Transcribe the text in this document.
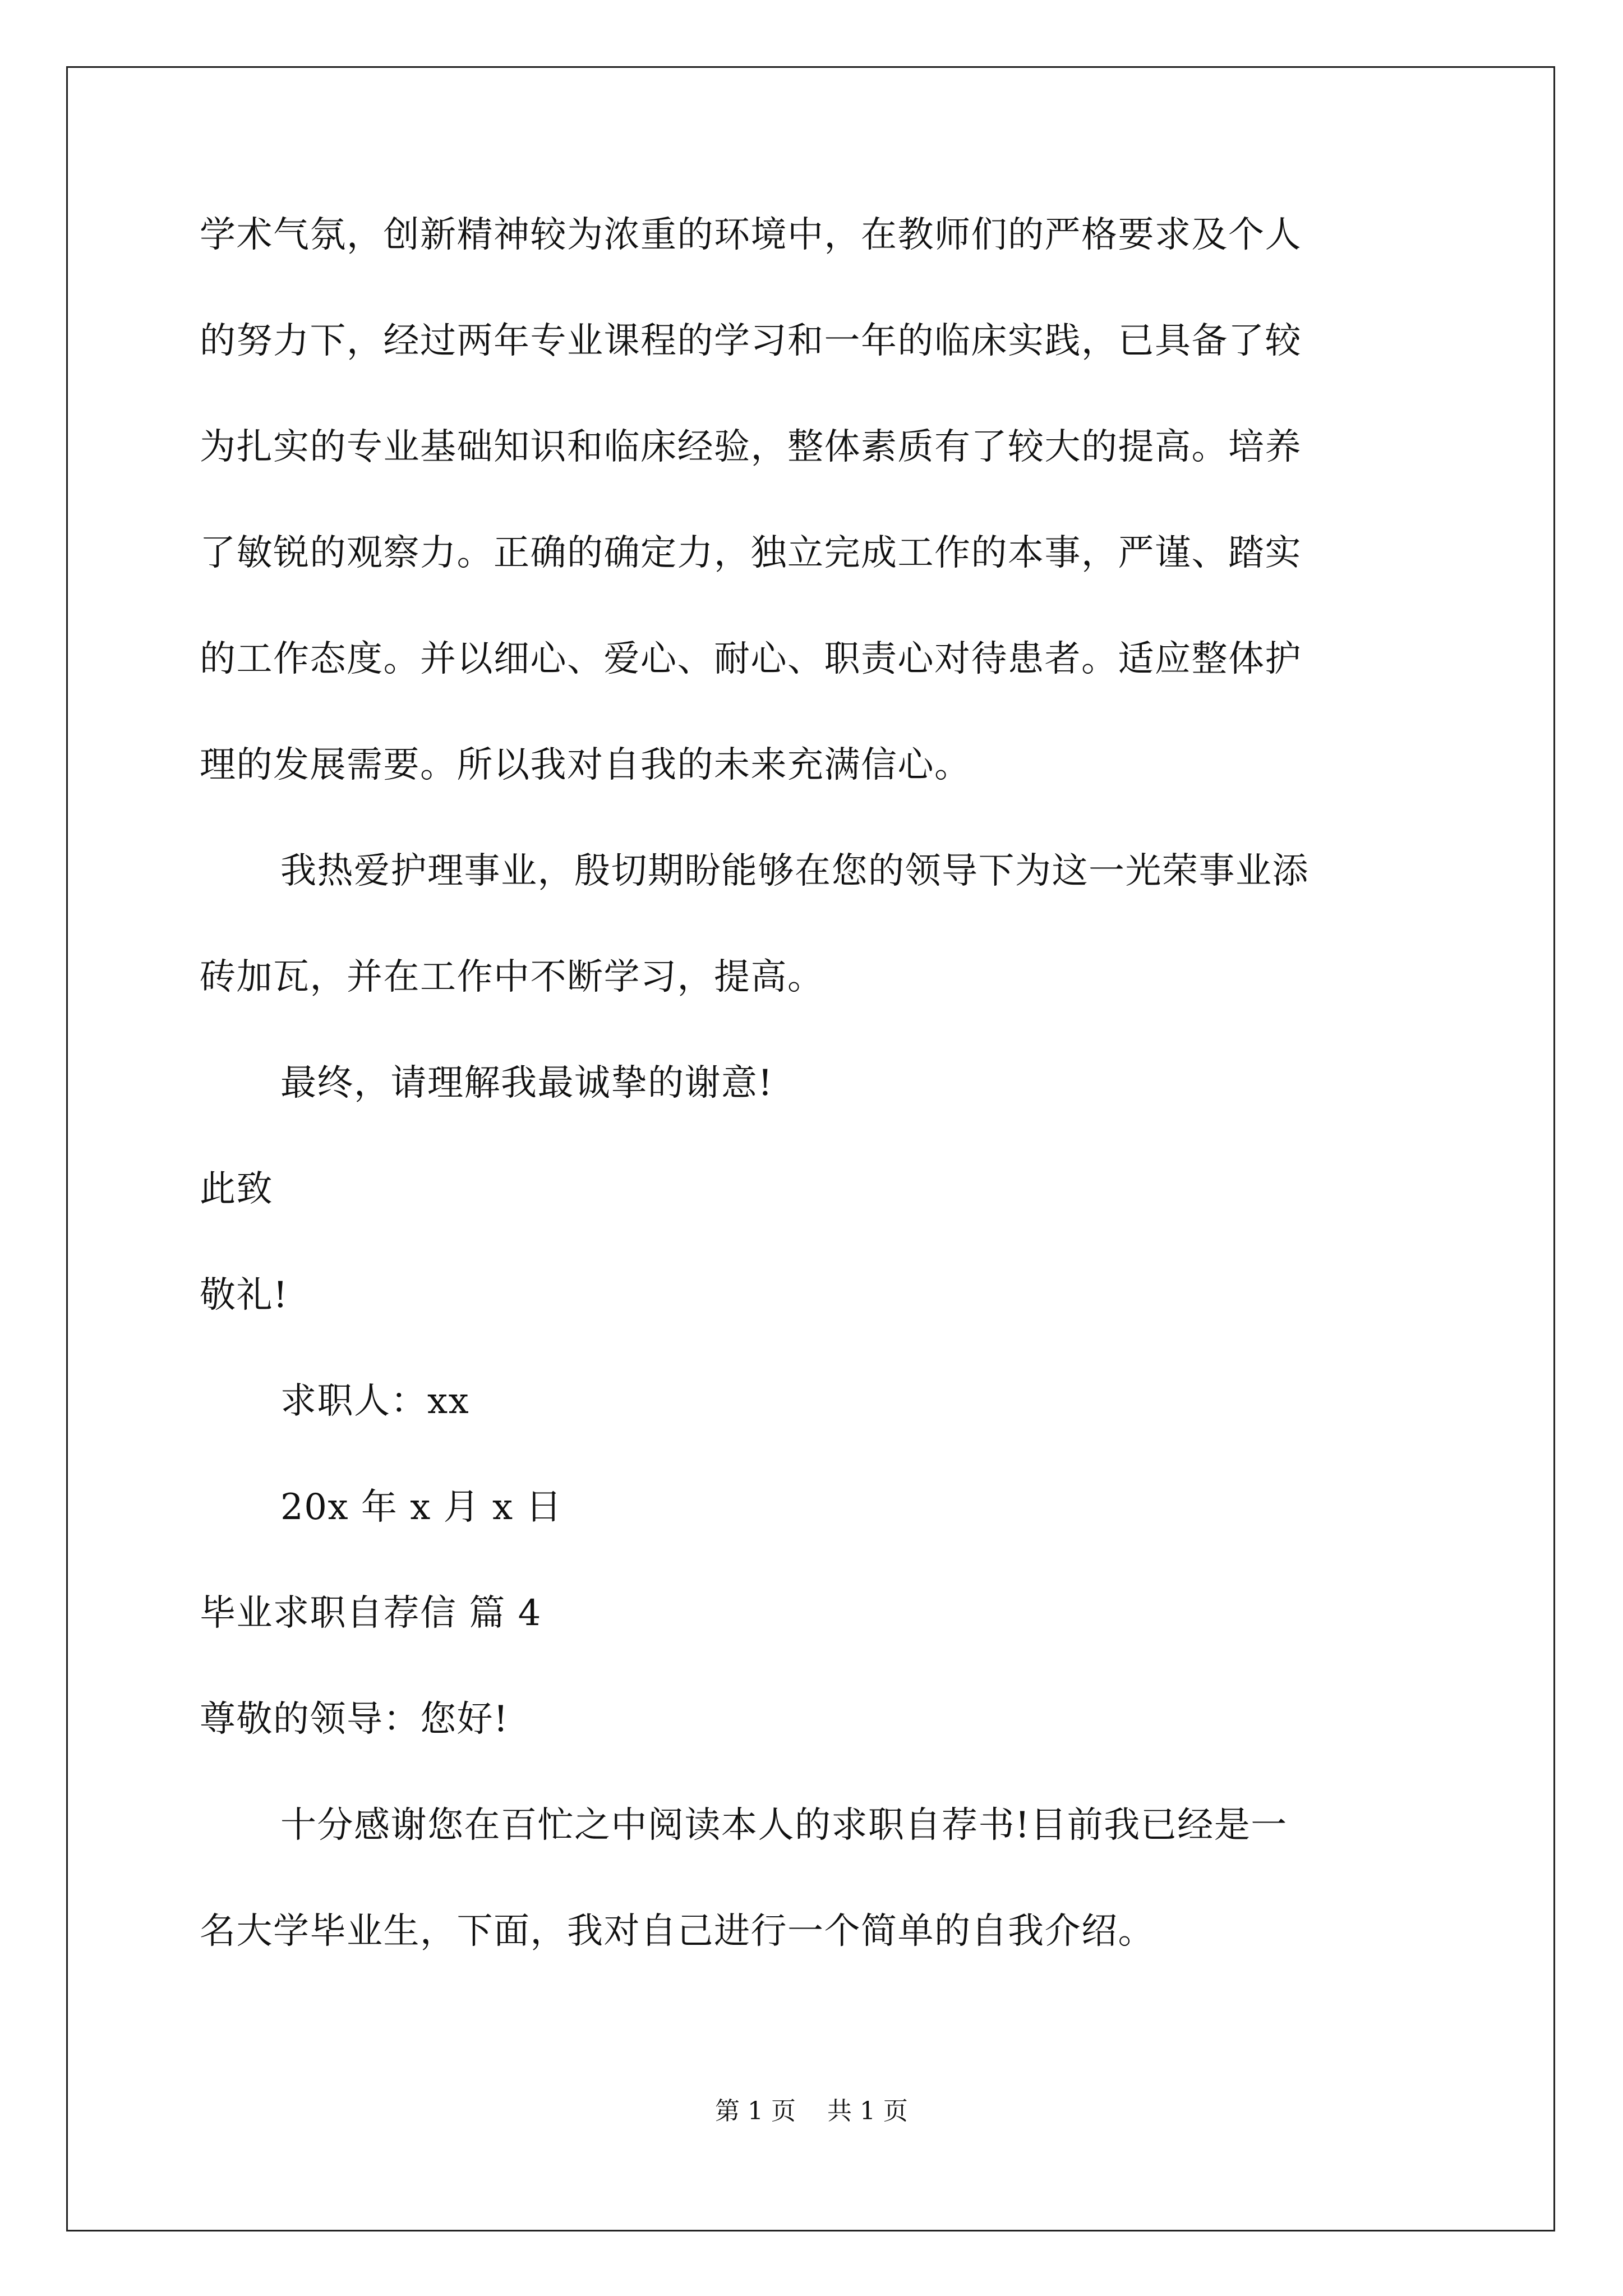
学术气氛，创新精神较为浓重的环境中，在教师们的严格要求及个人
的努力下，经过两年专业课程的学习和一年的临床实践，已具备了较
为扎实的专业基础知识和临床经验，整体素质有了较大的提高。培养
了敏锐的观察力。正确的确定力，独立完成工作的本事，严谨、踏实
的工作态度。并以细心、爱心、耐心、职责心对待患者。适应整体护
理的发展需要。所以我对自我的未来充满信心。
我热爱护理事业，殷切期盼能够在您的领导下为这一光荣事业添
砖加瓦，并在工作中不断学习，提高。
最终，请理解我最诚挚的谢意!
此致
敬礼!
求职人：xx
20x 年 x 月 x 日
毕业求职自荐信 篇 4
尊敬的领导：您好!
十分感谢您在百忙之中阅读本人的求职自荐书!目前我已经是一
名大学毕业生，下面，我对自己进行一个简单的自我介绍。
第 1 页    共 1 页
